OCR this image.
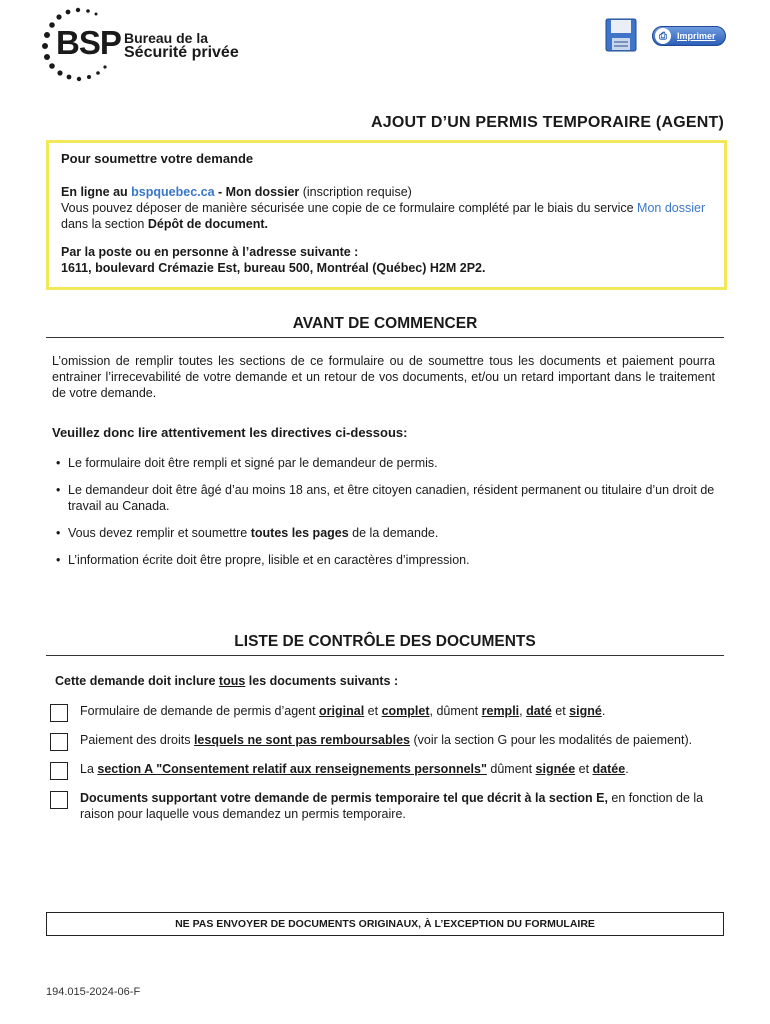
BSP Bureau de la
Sécurité privée
⎙	Imprimer
AJOUT D’UN PERMIS TEMPORAIRE (AGENT)
Pour soumettre votre demande
En ligne au bspquebec.ca - Mon dossier (inscription requise)
Vous pouvez déposer de manière sécurisée une copie de ce formulaire complété par le biais du service Mon dossier dans la section Dépôt de document.
Par la poste ou en personne à l’adresse suivante :
1611, boulevard Crémazie Est, bureau 500, Montréal (Québec) H2M 2P2.
AVANT DE COMMENCER
L’omission de remplir toutes les sections de ce formulaire ou de soumettre tous les documents et paiement pourra entrainer l’irrecevabilité de votre demande et un retour de vos documents, et/ou un retard important dans le traitement de votre demande.
Veuillez donc lire attentivement les directives ci-dessous:
• Le formulaire doit être rempli et signé par le demandeur de permis.
• Le demandeur doit être âgé d’au moins 18 ans, et être citoyen canadien, résident permanent ou titulaire d’un droit de travail au Canada.
• Vous devez remplir et soumettre toutes les pages de la demande.
• L’information écrite doit être propre, lisible et en caractères d’impression.
LISTE DE CONTRÔLE DES DOCUMENTS
Cette demande doit inclure tous les documents suivants :
Formulaire de demande de permis d’agent original et complet, dûment rempli, daté et signé.
Paiement des droits lesquels ne sont pas remboursables (voir la section G pour les modalités de paiement).
La section A "Consentement relatif aux renseignements personnels" dûment signée et datée.
Documents supportant votre demande de permis temporaire tel que décrit à la section E, en fonction de la raison pour laquelle vous demandez un permis temporaire.
NE PAS ENVOYER DE DOCUMENTS ORIGINAUX, À L’EXCEPTION DU FORMULAIRE
194.015-2024-06-F
